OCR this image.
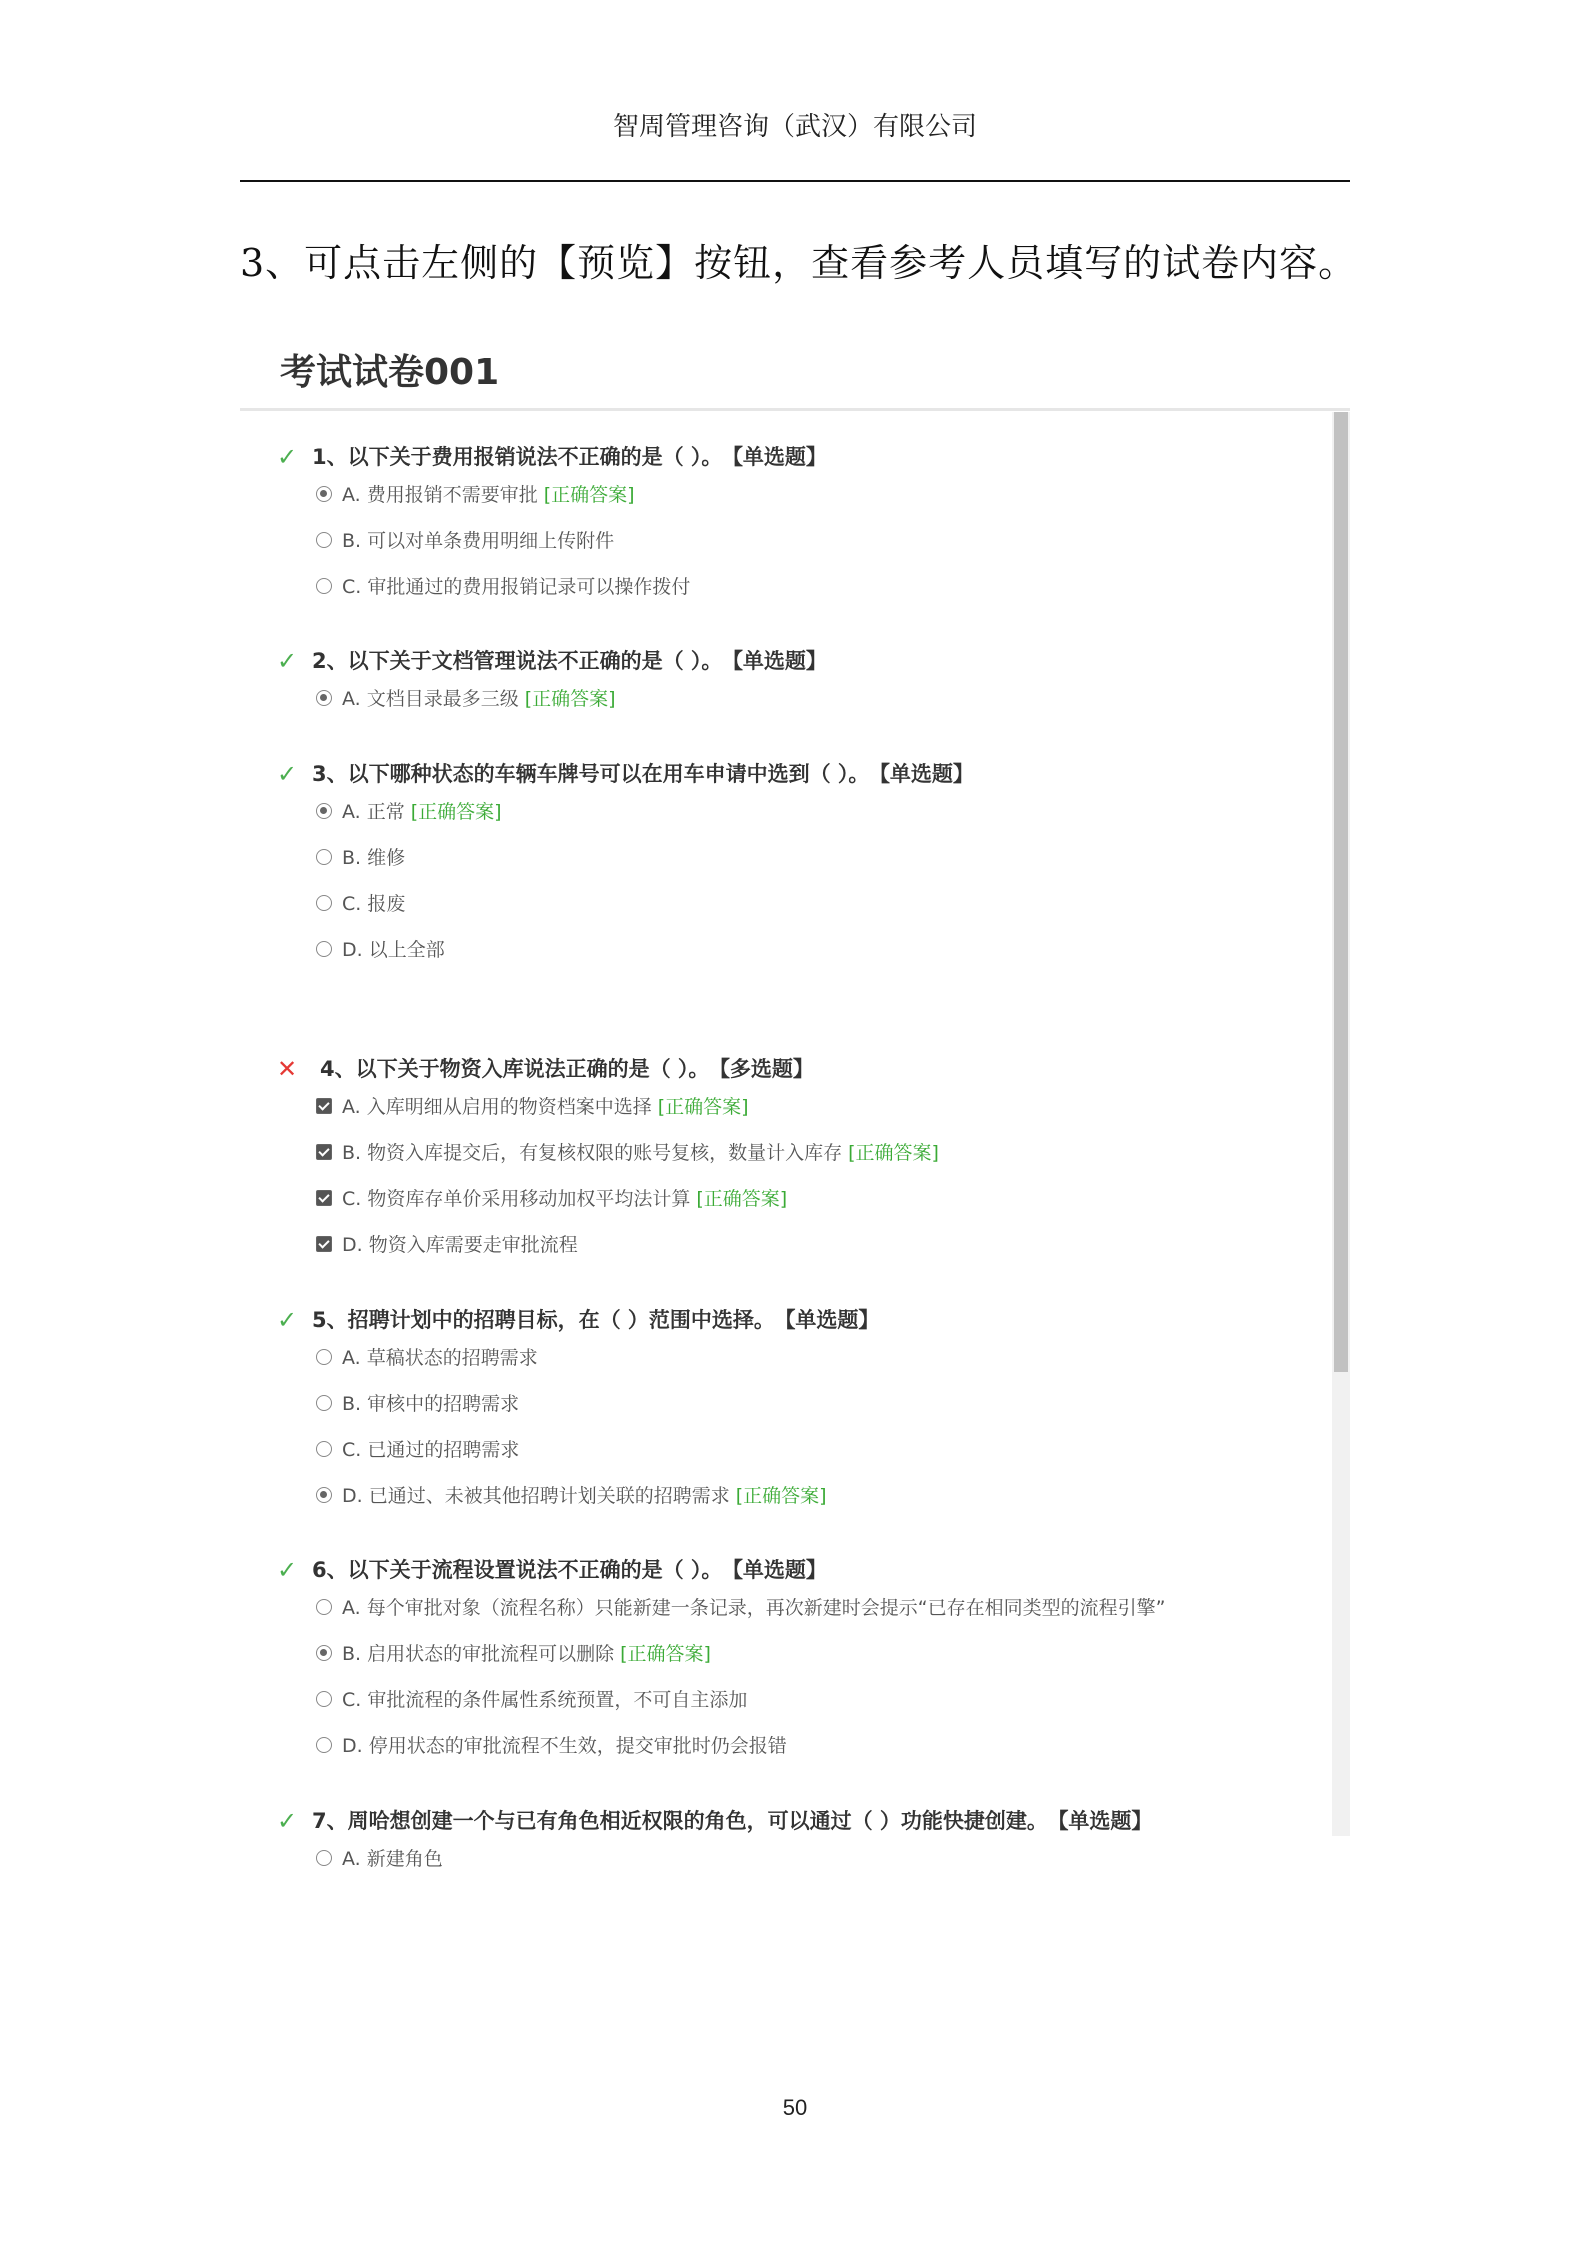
智周管理咨询（武汉）有限公司
3、可点击左侧的【预览】按钮，查看参考人员填写的试卷内容。
考试试卷001
✓ 1、以下关于费用报销说法不正确的是（ ）。 【单选题】
A. 费用报销不需要审批 [正确答案]
B. 可以对单条费用明细上传附件
C. 审批通过的费用报销记录可以操作拨付
✓ 2、以下关于文档管理说法不正确的是（ ）。 【单选题】
A. 文档目录最多三级 [正确答案]
✓ 3、以下哪种状态的车辆车牌号可以在用车申请中选到（ ）。 【单选题】
A. 正常 [正确答案]
B. 维修
C. 报废
D. 以上全部
✕ 4、以下关于物资入库说法正确的是（ ）。 【多选题】
A. 入库明细从启用的物资档案中选择 [正确答案]
B. 物资入库提交后，有复核权限的账号复核，数量计入库存 [正确答案]
C. 物资库存单价采用移动加权平均法计算 [正确答案]
D. 物资入库需要走审批流程
✓ 5、招聘计划中的招聘目标，在（ ）范围中选择。 【单选题】
A. 草稿状态的招聘需求
B. 审核中的招聘需求
C. 已通过的招聘需求
D. 已通过、未被其他招聘计划关联的招聘需求 [正确答案]
✓ 6、以下关于流程设置说法不正确的是（ ）。 【单选题】
A. 每个审批对象（流程名称）只能新建一条记录，再次新建时会提示“已存在相同类型的流程引擎”
B. 启用状态的审批流程可以删除 [正确答案]
C. 审批流程的条件属性系统预置，不可自主添加
D. 停用状态的审批流程不生效，提交审批时仍会报错
✓ 7、周哈想创建一个与已有角色相近权限的角色，可以通过（ ）功能快捷创建。 【单选题】
A. 新建角色
50
